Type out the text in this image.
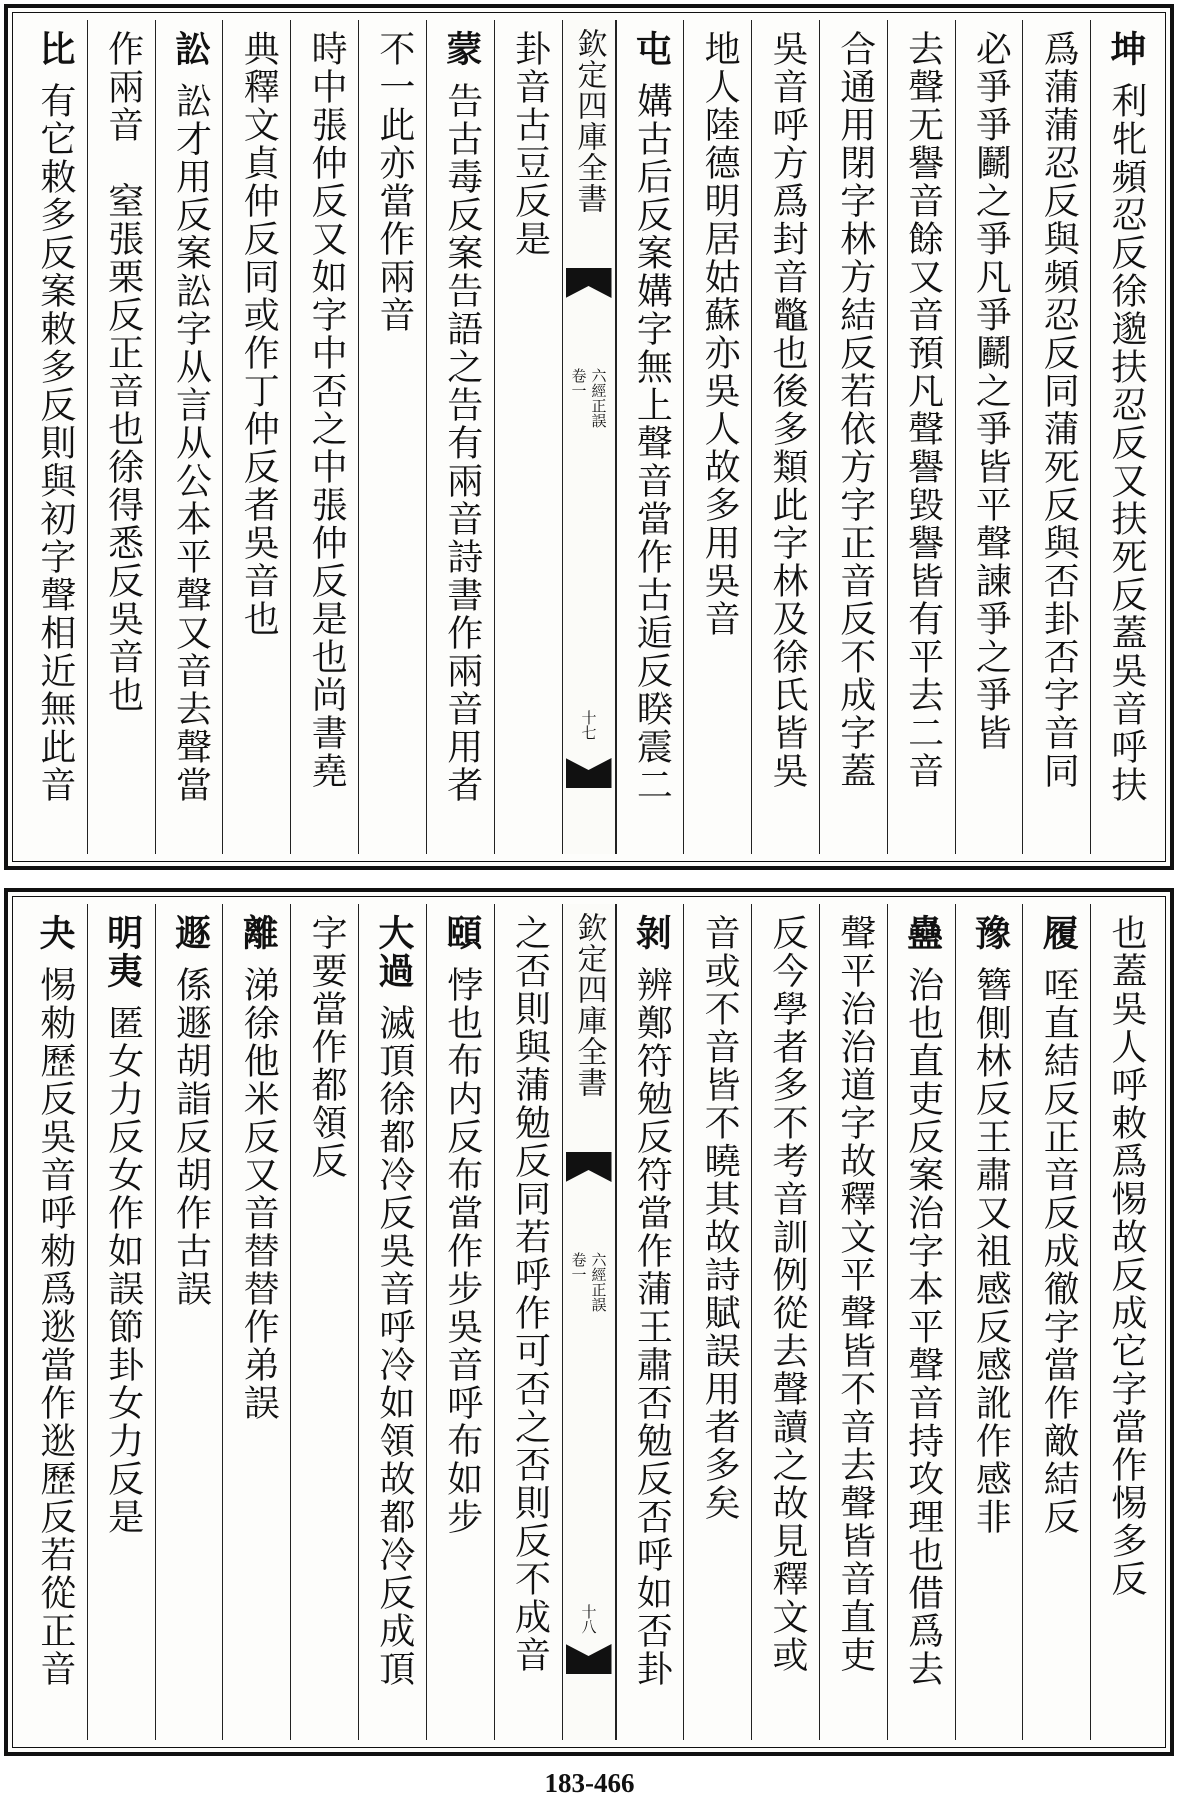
坤利牝頻忍反徐邈扶忍反又扶死反蓋吳音呼扶
爲蒲蒲忍反與頻忍反同蒲死反與否卦否字音同
必爭爭鬬之爭凡爭鬬之爭皆平聲諫爭之爭皆
去聲无譽音餘又音預凡聲譽毀譽皆有平去二音
合通用閉字林方結反若依方字正音反不成字蓋
吳音呼方爲封音鼈也後多類此字林及徐氏皆吳
地人陸德明居姑蘇亦吳人故多用吳音
屯媾古后反案媾字無上聲音當作古逅反睽震二
欽定四庫全書
六經正誤
卷一
十七
卦音古豆反是
蒙告古毒反案告語之告有兩音詩書作兩音用者
不一此亦當作兩音
時中張仲反又如字中否之中張仲反是也尚書堯
典釋文貞仲反同或作丁仲反者吳音也
訟訟才用反案訟字从言从公本平聲又音去聲當
作兩音　窒張栗反正音也徐得悉反吳音也
比有它敕多反案敕多反則與初字聲相近無此音
也蓋吳人呼敕爲惕故反成它字當作惕多反
履咥直結反正音反成徹字當作敵結反
豫簪側林反王肅又祖感反感訛作感非
蠱治也直吏反案治字本平聲音持攻理也借爲去
聲平治治道字故釋文平聲皆不音去聲皆音直吏
反今學者多不考音訓例從去聲讀之故見釋文或
音或不音皆不曉其故詩賦誤用者多矣
剝辨鄭符勉反符當作蒲王肅否勉反否呼如否卦
欽定四庫全書
六經正誤
卷一
十八
之否則與蒲勉反同若呼作可否之否則反不成音
頤悖也布内反布當作步吳音呼布如步
大過滅頂徐都冷反吳音呼冷如領故都冷反成頂
字要當作都領反
離涕徐他米反又音替替作弟誤
遯係遯胡詣反胡作古誤
明夷匿女力反女作如誤節卦女力反是
夬惕勑歷反吳音呼勑爲逖當作逖歷反若從正音
183-466
